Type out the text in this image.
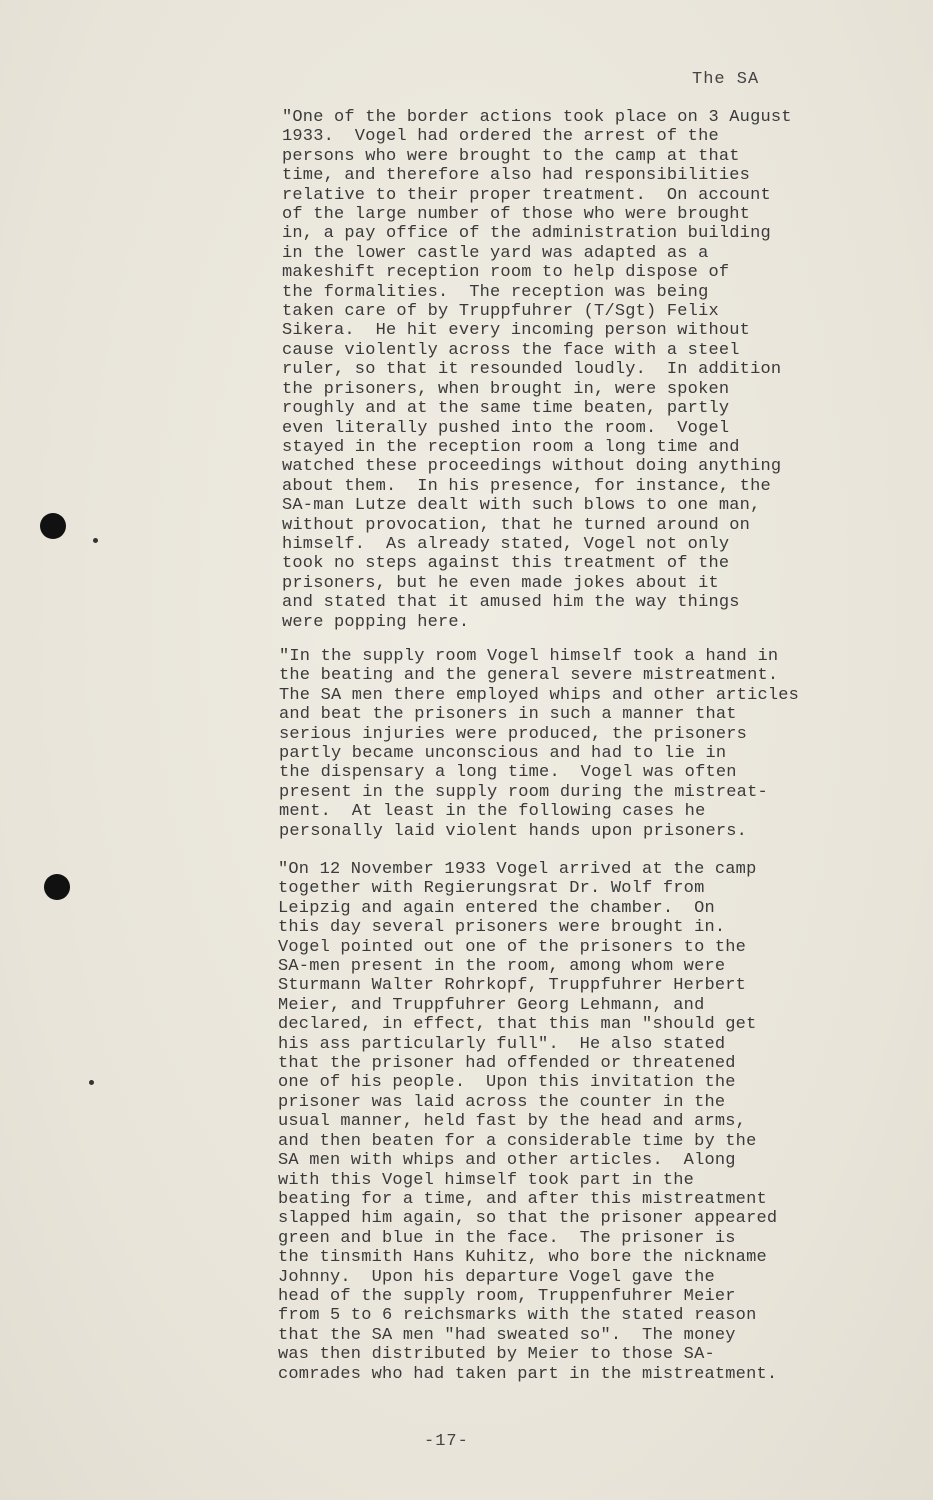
The SA
"One of the border actions took place on 3 August
1933.  Vogel had ordered the arrest of the
persons who were brought to the camp at that
time, and therefore also had responsibilities
relative to their proper treatment.  On account
of the large number of those who were brought
in, a pay office of the administration building
in the lower castle yard was adapted as a
makeshift reception room to help dispose of
the formalities.  The reception was being
taken care of by Truppfuhrer (T/Sgt) Felix
Sikera.  He hit every incoming person without
cause violently across the face with a steel
ruler, so that it resounded loudly.  In addition
the prisoners, when brought in, were spoken
roughly and at the same time beaten, partly
even literally pushed into the room.  Vogel
stayed in the reception room a long time and
watched these proceedings without doing anything
about them.  In his presence, for instance, the
SA-man Lutze dealt with such blows to one man,
without provocation, that he turned around on
himself.  As already stated, Vogel not only
took no steps against this treatment of the
prisoners, but he even made jokes about it
and stated that it amused him the way things
were popping here.
"In the supply room Vogel himself took a hand in
the beating and the general severe mistreatment.
The SA men there employed whips and other articles
and beat the prisoners in such a manner that
serious injuries were produced, the prisoners
partly became unconscious and had to lie in
the dispensary a long time.  Vogel was often
present in the supply room during the mistreat-
ment.  At least in the following cases he
personally laid violent hands upon prisoners.
"On 12 November 1933 Vogel arrived at the camp
together with Regierungsrat Dr. Wolf from
Leipzig and again entered the chamber.  On
this day several prisoners were brought in.
Vogel pointed out one of the prisoners to the
SA-men present in the room, among whom were
Sturmann Walter Rohrkopf, Truppfuhrer Herbert
Meier, and Truppfuhrer Georg Lehmann, and
declared, in effect, that this man "should get
his ass particularly full".  He also stated
that the prisoner had offended or threatened
one of his people.  Upon this invitation the
prisoner was laid across the counter in the
usual manner, held fast by the head and arms,
and then beaten for a considerable time by the
SA men with whips and other articles.  Along
with this Vogel himself took part in the
beating for a time, and after this mistreatment
slapped him again, so that the prisoner appeared
green and blue in the face.  The prisoner is
the tinsmith Hans Kuhitz, who bore the nickname
Johnny.  Upon his departure Vogel gave the
head of the supply room, Truppenfuhrer Meier
from 5 to 6 reichsmarks with the stated reason
that the SA men "had sweated so".  The money
was then distributed by Meier to those SA-
comrades who had taken part in the mistreatment.
-17-
